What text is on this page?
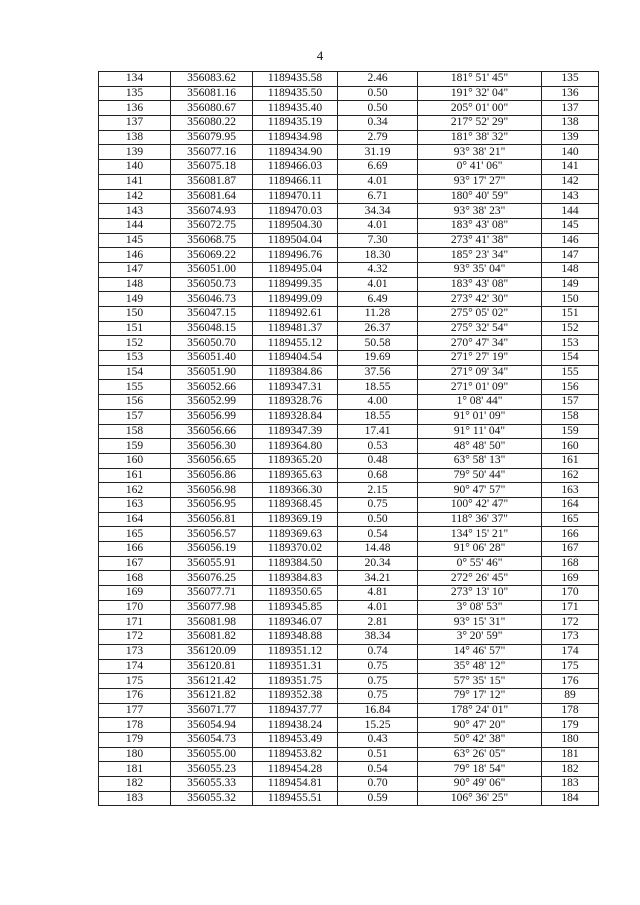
4
134	356083.62	1189435.58	2.46	181° 51' 45"	135
135	356081.16	1189435.50	0.50	191° 32' 04"	136
136	356080.67	1189435.40	0.50	205° 01' 00"	137
137	356080.22	1189435.19	0.34	217° 52' 29"	138
138	356079.95	1189434.98	2.79	181° 38' 32"	139
139	356077.16	1189434.90	31.19	93° 38' 21"	140
140	356075.18	1189466.03	6.69	0° 41' 06"	141
141	356081.87	1189466.11	4.01	93° 17' 27"	142
142	356081.64	1189470.11	6.71	180° 40' 59"	143
143	356074.93	1189470.03	34.34	93° 38' 23"	144
144	356072.75	1189504.30	4.01	183° 43' 08"	145
145	356068.75	1189504.04	7.30	273° 41' 38"	146
146	356069.22	1189496.76	18.30	185° 23' 34"	147
147	356051.00	1189495.04	4.32	93° 35' 04"	148
148	356050.73	1189499.35	4.01	183° 43' 08"	149
149	356046.73	1189499.09	6.49	273° 42' 30"	150
150	356047.15	1189492.61	11.28	275° 05' 02"	151
151	356048.15	1189481.37	26.37	275° 32' 54"	152
152	356050.70	1189455.12	50.58	270° 47' 34"	153
153	356051.40	1189404.54	19.69	271° 27' 19"	154
154	356051.90	1189384.86	37.56	271° 09' 34"	155
155	356052.66	1189347.31	18.55	271° 01' 09"	156
156	356052.99	1189328.76	4.00	1° 08' 44"	157
157	356056.99	1189328.84	18.55	91° 01' 09"	158
158	356056.66	1189347.39	17.41	91° 11' 04"	159
159	356056.30	1189364.80	0.53	48° 48' 50"	160
160	356056.65	1189365.20	0.48	63° 58' 13"	161
161	356056.86	1189365.63	0.68	79° 50' 44"	162
162	356056.98	1189366.30	2.15	90° 47' 57"	163
163	356056.95	1189368.45	0.75	100° 42' 47"	164
164	356056.81	1189369.19	0.50	118° 36' 37"	165
165	356056.57	1189369.63	0.54	134° 15' 21"	166
166	356056.19	1189370.02	14.48	91° 06' 28"	167
167	356055.91	1189384.50	20.34	0° 55' 46"	168
168	356076.25	1189384.83	34.21	272° 26' 45"	169
169	356077.71	1189350.65	4.81	273° 13' 10"	170
170	356077.98	1189345.85	4.01	3° 08' 53"	171
171	356081.98	1189346.07	2.81	93° 15' 31"	172
172	356081.82	1189348.88	38.34	3° 20' 59"	173
173	356120.09	1189351.12	0.74	14° 46' 57"	174
174	356120.81	1189351.31	0.75	35° 48' 12"	175
175	356121.42	1189351.75	0.75	57° 35' 15"	176
176	356121.82	1189352.38	0.75	79° 17' 12"	89
177	356071.77	1189437.77	16.84	178° 24' 01"	178
178	356054.94	1189438.24	15.25	90° 47' 20"	179
179	356054.73	1189453.49	0.43	50° 42' 38"	180
180	356055.00	1189453.82	0.51	63° 26' 05"	181
181	356055.23	1189454.28	0.54	79° 18' 54"	182
182	356055.33	1189454.81	0.70	90° 49' 06"	183
183	356055.32	1189455.51	0.59	106° 36' 25"	184
